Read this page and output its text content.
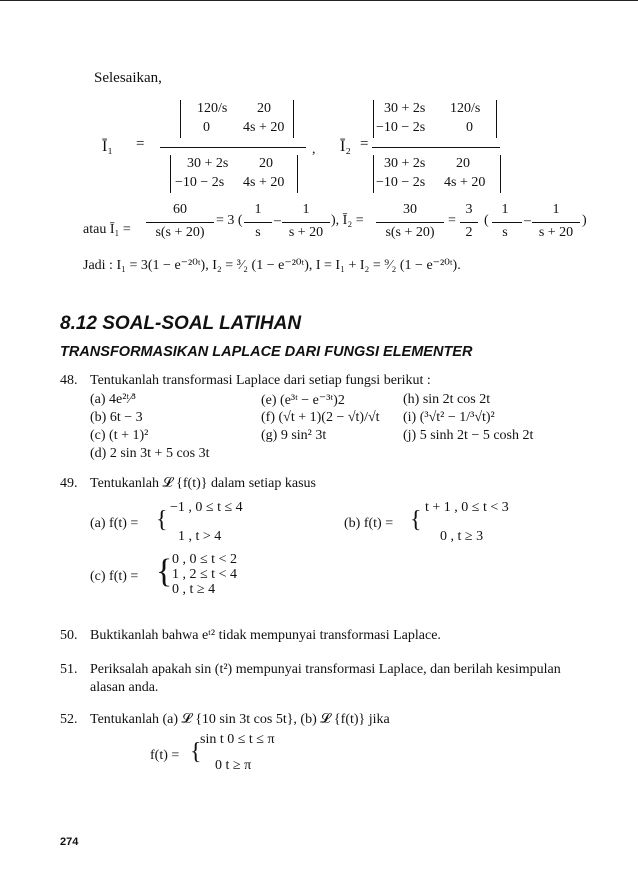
Selesaikan,
Ī₁ =
120/s 20
0 4s + 20
30 + 2s 20
−10 − 2s 4s + 20
, Ī₂ =
30 + 2s 120/s
−10 − 2s	0
30 + 2s 20
−10 − 2s 4s + 20
atau Ī₁ =
60
s(s + 20)
= 3 (
1
s
–
1
s + 20
), Ī₂ =
30
s(s + 20)
=
3
2
(
1
s
–
1
s + 20
)
Jadi : I₁ = 3(1 − e⁻²⁰ᵗ), I₂ = ³⁄₂ (1 − e⁻²⁰ᵗ), I = I₁ + I₂ = ⁹⁄₂ (1 − e⁻²⁰ᵗ).
8.12 SOAL-SOAL LATIHAN
TRANSFORMASIKAN LAPLACE DARI FUNGSI ELEMENTER
48. Tentukanlah transformasi Laplace dari setiap fungsi berikut :
(a) 4e²ᵗ⁄³
(b) 6t − 3
(c) (t + 1)²
(d) 2 sin 3t + 5 cos 3t
(e) (e³ᵗ − e⁻³ᵗ)2
(f) (√t + 1)(2 − √t)/√t
(g) 9 sin² 3t
(h) sin 2t cos 2t
(i) (³√t² − 1/³√t)²
(j) 5 sinh 2t − 5 cosh 2t
49. Tentukanlah 𝓛 {f(t)} dalam setiap kasus
(a) f(t) = { −1 , 0 ≤ t ≤ 4
1 , t > 4
(b) f(t) = { t + 1 , 0 ≤ t < 3
0 , t ≥ 3
(c) f(t) = { 0 , 0 ≤ t < 2
1 , 2 ≤ t < 4
0 , t ≥ 4
50. Buktikanlah bahwa eᵗ² tidak mempunyai transformasi Laplace.
51. Periksalah apakah sin (t²) mempunyai transformasi Laplace, dan berilah kesimpulan
alasan anda.
52. Tentukanlah (a) 𝓛 {10 sin 3t cos 5t}, (b) 𝓛 {f(t)} jika
f(t) = {
sin t 0 ≤ t ≤ π
0 t ≥ π
274
